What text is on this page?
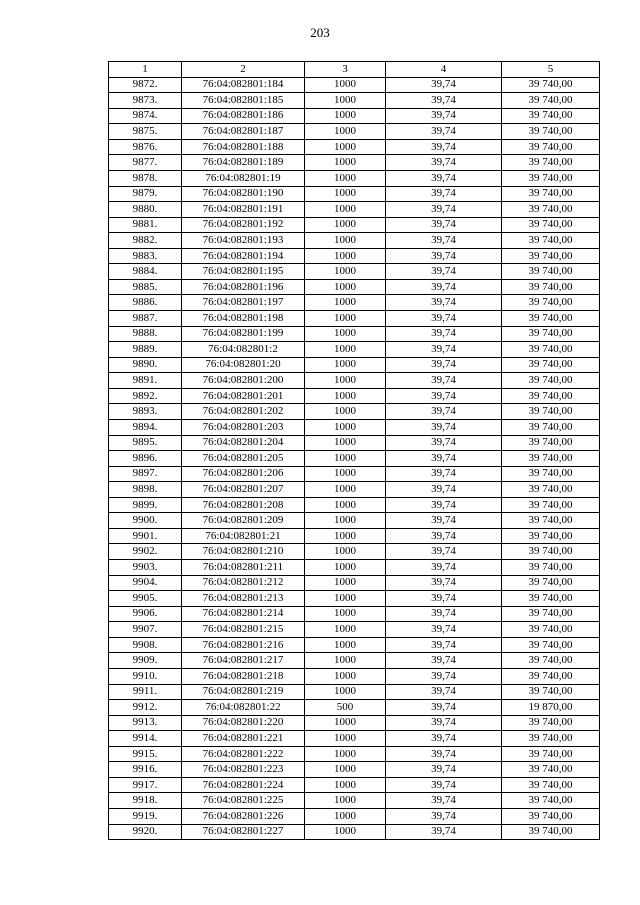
203
1	2	3	4	5
9872.	76:04:082801:184	1000	39,74	39 740,00
9873.	76:04:082801:185	1000	39,74	39 740,00
9874.	76:04:082801:186	1000	39,74	39 740,00
9875.	76:04:082801:187	1000	39,74	39 740,00
9876.	76:04:082801:188	1000	39,74	39 740,00
9877.	76:04:082801:189	1000	39,74	39 740,00
9878.	76:04:082801:19	1000	39,74	39 740,00
9879.	76:04:082801:190	1000	39,74	39 740,00
9880.	76:04:082801:191	1000	39,74	39 740,00
9881.	76:04:082801:192	1000	39,74	39 740,00
9882.	76:04:082801:193	1000	39,74	39 740,00
9883.	76:04:082801:194	1000	39,74	39 740,00
9884.	76:04:082801:195	1000	39,74	39 740,00
9885.	76:04:082801:196	1000	39,74	39 740,00
9886.	76:04:082801:197	1000	39,74	39 740,00
9887.	76:04:082801:198	1000	39,74	39 740,00
9888.	76:04:082801:199	1000	39,74	39 740,00
9889.	76:04:082801:2	1000	39,74	39 740,00
9890.	76:04:082801:20	1000	39,74	39 740,00
9891.	76:04:082801:200	1000	39,74	39 740,00
9892.	76:04:082801:201	1000	39,74	39 740,00
9893.	76:04:082801:202	1000	39,74	39 740,00
9894.	76:04:082801:203	1000	39,74	39 740,00
9895.	76:04:082801:204	1000	39,74	39 740,00
9896.	76:04:082801:205	1000	39,74	39 740,00
9897.	76:04:082801:206	1000	39,74	39 740,00
9898.	76:04:082801:207	1000	39,74	39 740,00
9899.	76:04:082801:208	1000	39,74	39 740,00
9900.	76:04:082801:209	1000	39,74	39 740,00
9901.	76:04:082801:21	1000	39,74	39 740,00
9902.	76:04:082801:210	1000	39,74	39 740,00
9903.	76:04:082801:211	1000	39,74	39 740,00
9904.	76:04:082801:212	1000	39,74	39 740,00
9905.	76:04:082801:213	1000	39,74	39 740,00
9906.	76:04:082801:214	1000	39,74	39 740,00
9907.	76:04:082801:215	1000	39,74	39 740,00
9908.	76:04:082801:216	1000	39,74	39 740,00
9909.	76:04:082801:217	1000	39,74	39 740,00
9910.	76:04:082801:218	1000	39,74	39 740,00
9911.	76:04:082801:219	1000	39,74	39 740,00
9912.	76:04:082801:22	500	39,74	19 870,00
9913.	76:04:082801:220	1000	39,74	39 740,00
9914.	76:04:082801:221	1000	39,74	39 740,00
9915.	76:04:082801:222	1000	39,74	39 740,00
9916.	76:04:082801:223	1000	39,74	39 740,00
9917.	76:04:082801:224	1000	39,74	39 740,00
9918.	76:04:082801:225	1000	39,74	39 740,00
9919.	76:04:082801:226	1000	39,74	39 740,00
9920.	76:04:082801:227	1000	39,74	39 740,00
